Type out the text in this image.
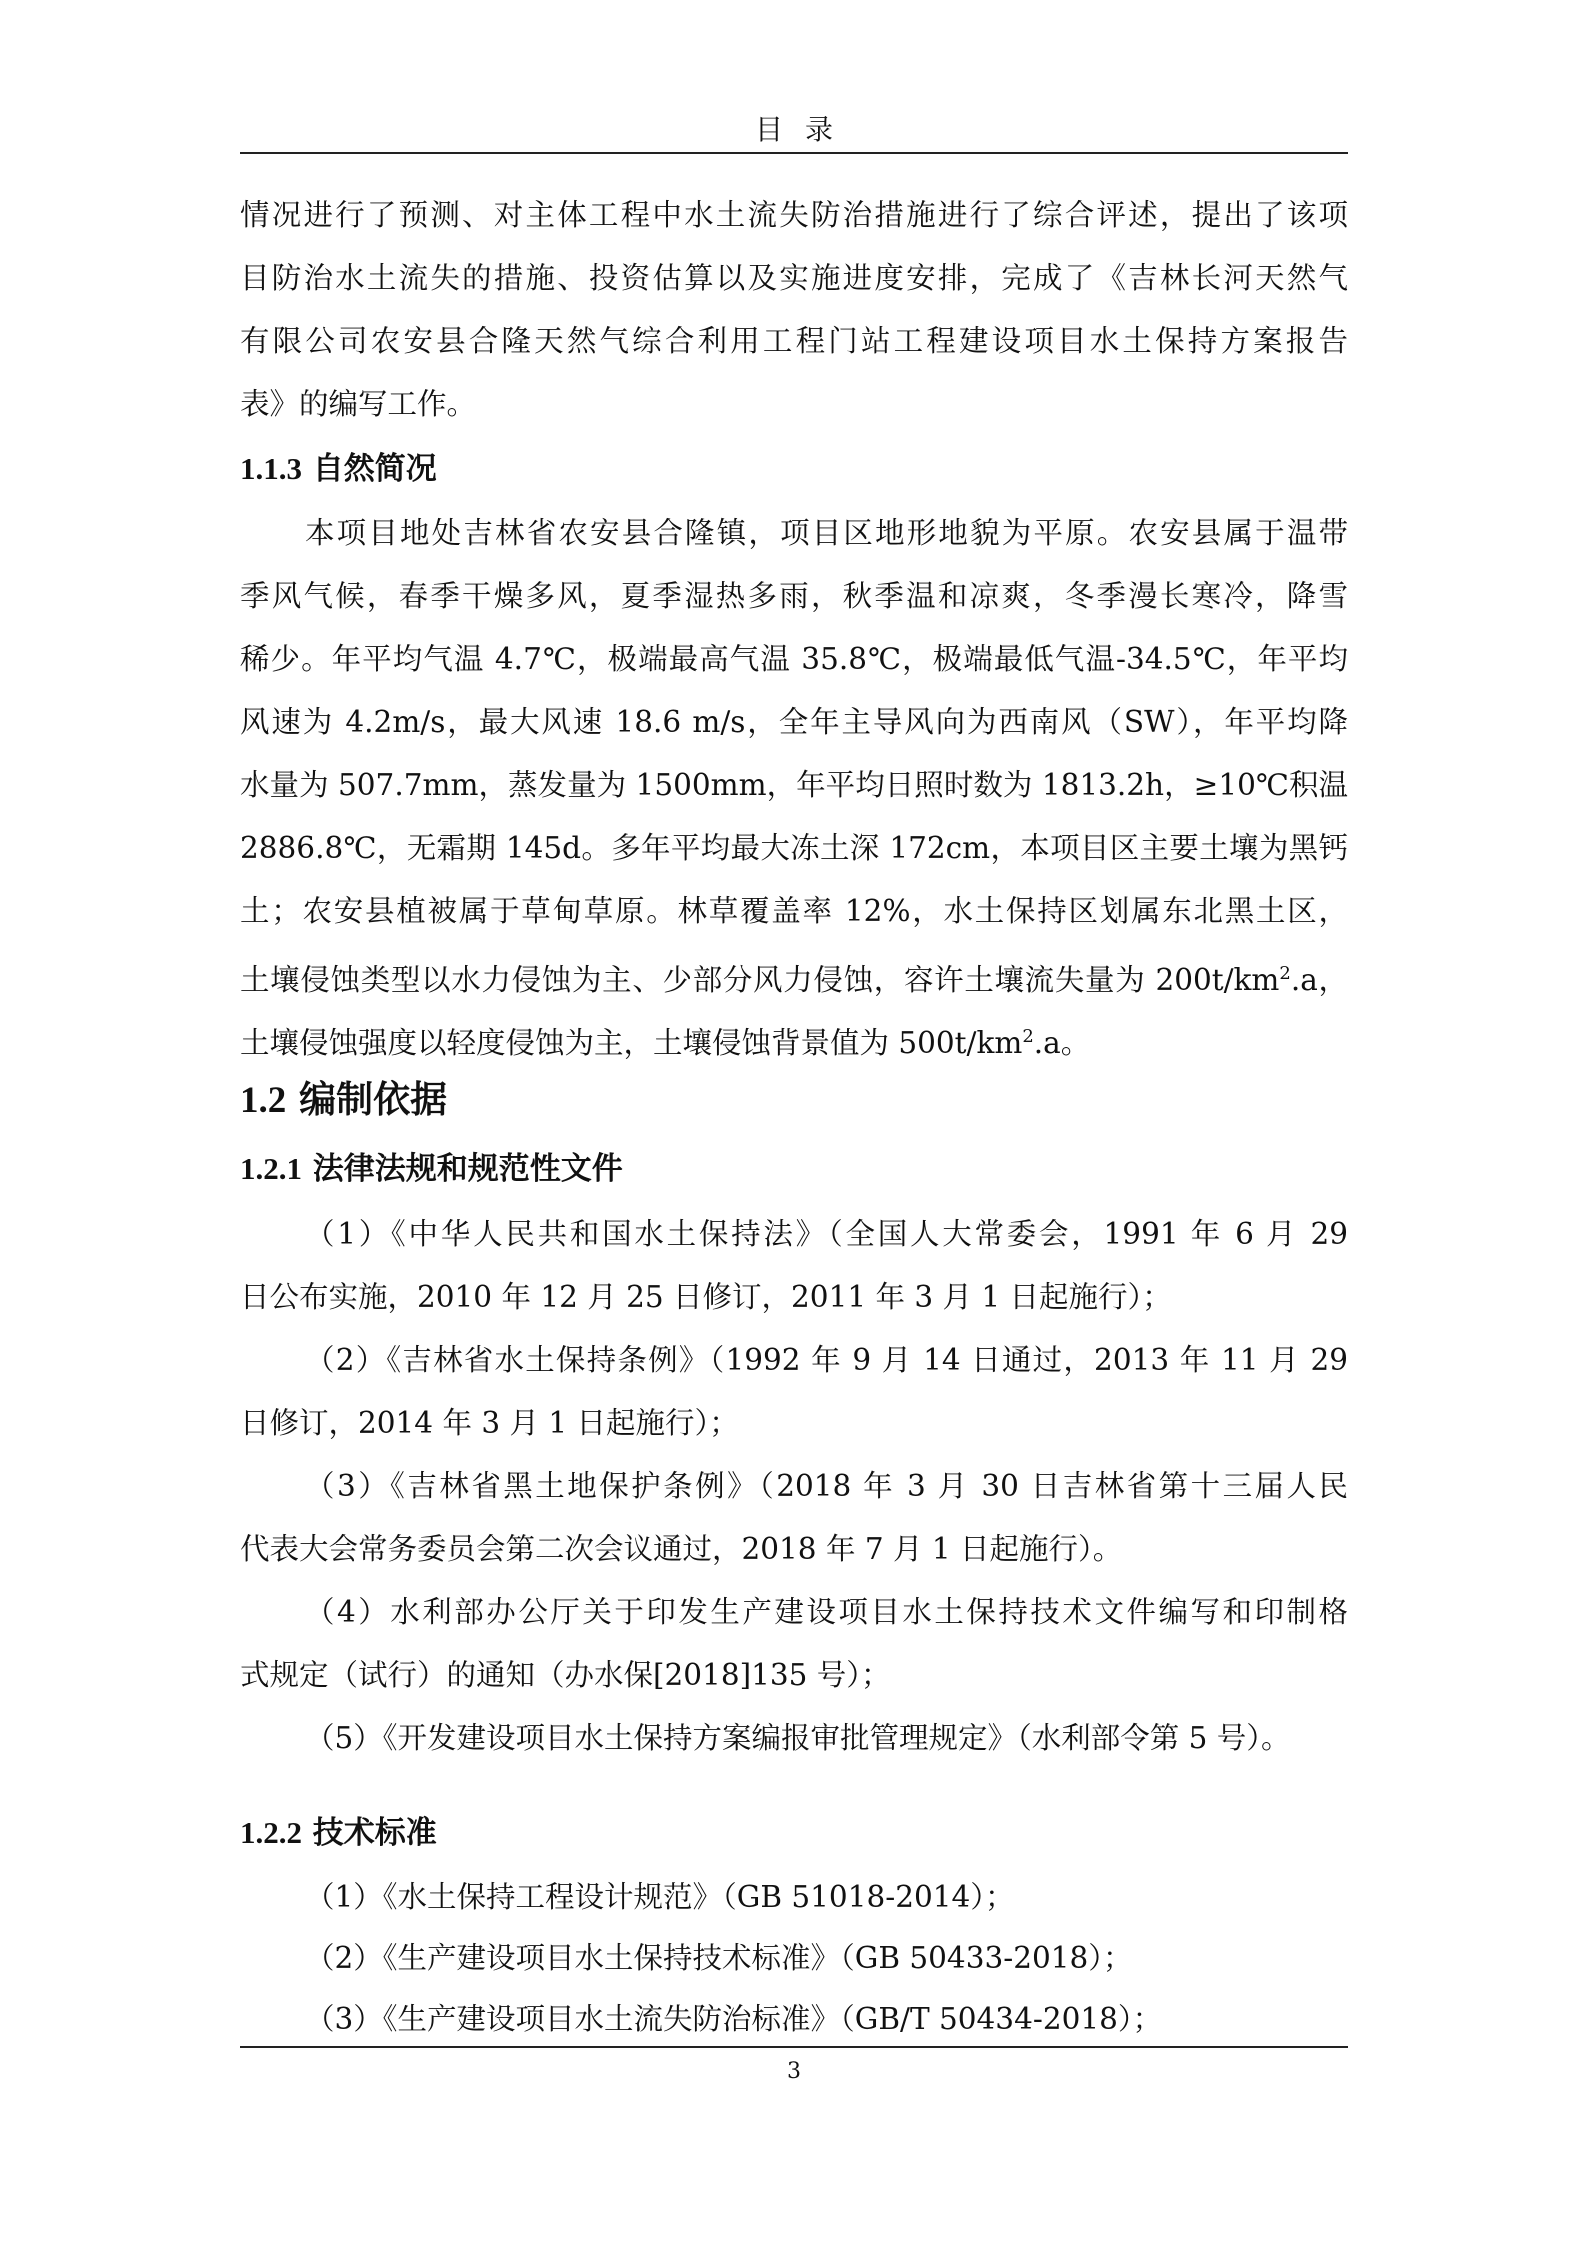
目录
情况进行了预测、对主体工程中水土流失防治措施进行了综合评述，提出了该项
目防治水土流失的措施、投资估算以及实施进度安排，完成了《吉林长河天然气
有限公司农安县合隆天然气综合利用工程门站工程建设项目水土保持方案报告
表》的编写工作。
1.1.3 自然简况
本项目地处吉林省农安县合隆镇，项目区地形地貌为平原。农安县属于温带
季风气候，春季干燥多风，夏季湿热多雨，秋季温和凉爽，冬季漫长寒冷，降雪
稀少。年平均气温 4.7℃，极端最高气温 35.8℃，极端最低气温-34.5℃，年平均
风速为 4.2m/s，最大风速 18.6 m/s，全年主导风向为西南风（SW），年平均降
水量为 507.7mm，蒸发量为 1500mm，年平均日照时数为 1813.2h，≥10℃积温
2886.8℃，无霜期 145d。多年平均最大冻土深 172cm，本项目区主要土壤为黑钙
土；农安县植被属于草甸草原。林草覆盖率 12%，水土保持区划属东北黑土区，
土壤侵蚀类型以水力侵蚀为主、少部分风力侵蚀，容许土壤流失量为 $200t/km^2.a$，
土壤侵蚀强度以轻度侵蚀为主，土壤侵蚀背景值为 $500t/km^2.a$。
1.2 编制依据
1.2.1 法律法规和规范性文件
（1）《中华人民共和国水土保持法》（全国人大常委会，1991 年 6 月 29
日公布实施，2010 年 12 月 25 日修订，2011 年 3 月 1 日起施行）；
（2）《吉林省水土保持条例》（1992 年 9 月 14 日通过，2013 年 11 月 29
日修订，2014 年 3 月 1 日起施行）；
（3）《吉林省黑土地保护条例》（2018 年 3 月 30 日吉林省第十三届人民
代表大会常务委员会第二次会议通过，2018 年 7 月 1 日起施行）。
（4）水利部办公厅关于印发生产建设项目水土保持技术文件编写和印制格
式规定（试行）的通知（办水保[2018]135 号）；
（5）《开发建设项目水土保持方案编报审批管理规定》（水利部令第 5 号）。
1.2.2 技术标准
（1）《水土保持工程设计规范》（GB 51018-2014）；
（2）《生产建设项目水土保持技术标准》（GB 50433-2018）；
（3）《生产建设项目水土流失防治标准》（GB/T 50434-2018）；
3
